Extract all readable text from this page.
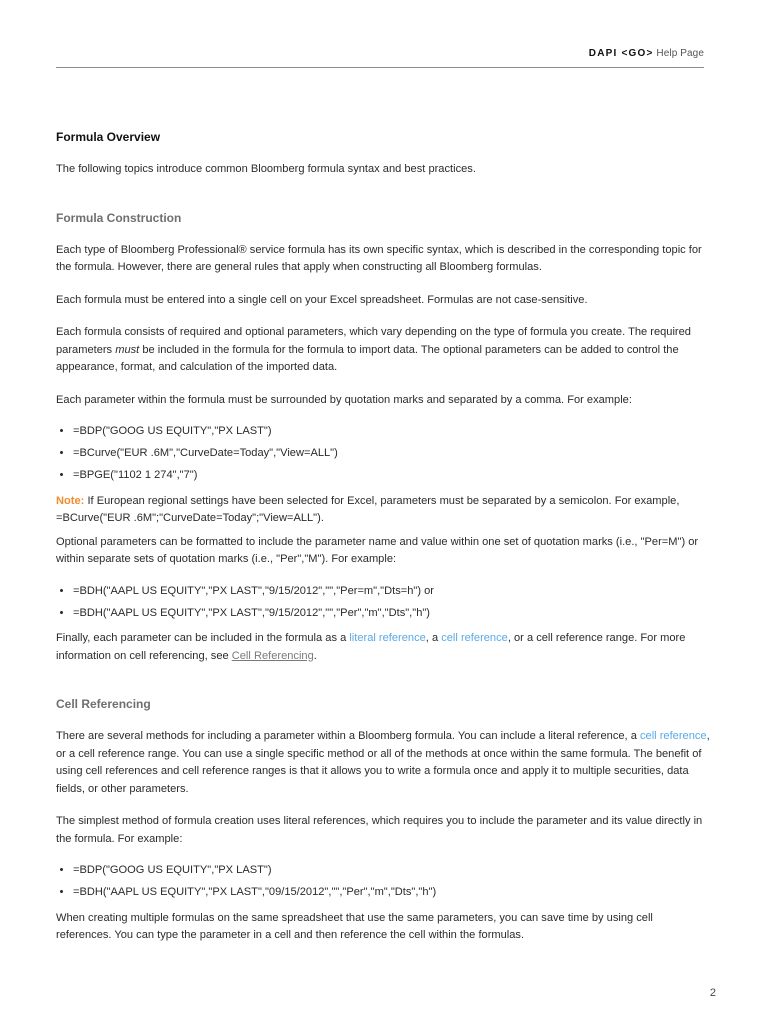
DAPI <GO> Help Page

Formula Overview

The following topics introduce common Bloomberg formula syntax and best practices.

Formula Construction

Each type of Bloomberg Professional® service formula has its own specific syntax, which is described in the corresponding topic for the formula. However, there are general rules that apply when constructing all Bloomberg formulas.

Each formula must be entered into a single cell on your Excel spreadsheet. Formulas are not case-sensitive.

Each formula consists of required and optional parameters, which vary depending on the type of formula you create. The required parameters must be included in the formula for the formula to import data. The optional parameters can be added to control the appearance, format, and calculation of the imported data.

Each parameter within the formula must be surrounded by quotation marks and separated by a comma. For example:

• =BDP("GOOG US EQUITY","PX LAST")
• =BCurve("EUR .6M","CurveDate=Today","View=ALL")
• =BPGE("1102 1 274","7")

Note: If European regional settings have been selected for Excel, parameters must be separated by a semicolon. For example, =BCurve("EUR .6M";"CurveDate=Today";"View=ALL").

Optional parameters can be formatted to include the parameter name and value within one set of quotation marks (i.e., "Per=M") or within separate sets of quotation marks (i.e., "Per","M"). For example:

• =BDH("AAPL US EQUITY","PX LAST","9/15/2012","","Per=m","Dts=h") or
• =BDH("AAPL US EQUITY","PX LAST","9/15/2012","","Per","m","Dts","h")

Finally, each parameter can be included in the formula as a literal reference, a cell reference, or a cell reference range. For more information on cell referencing, see Cell Referencing.

Cell Referencing

There are several methods for including a parameter within a Bloomberg formula. You can include a literal reference, a cell reference, or a cell reference range. You can use a single specific method or all of the methods at once within the same formula. The benefit of using cell references and cell reference ranges is that it allows you to write a formula once and apply it to multiple securities, data fields, or other parameters.

The simplest method of formula creation uses literal references, which requires you to include the parameter and its value directly in the formula. For example:

• =BDP("GOOG US EQUITY","PX LAST")
• =BDH("AAPL US EQUITY","PX LAST","09/15/2012","","Per","m","Dts","h")

When creating multiple formulas on the same spreadsheet that use the same parameters, you can save time by using cell references. You can type the parameter in a cell and then reference the cell within the formulas.

2
